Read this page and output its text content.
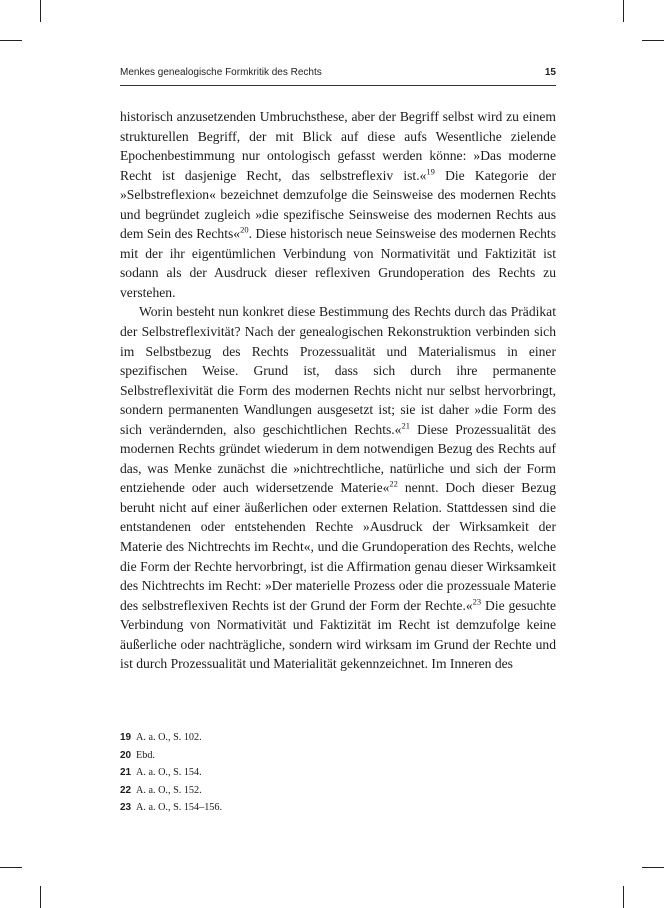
Menkes genealogische Formkritik des Rechts	15

historisch anzusetzenden Umbruchsthese, aber der Begriff selbst wird zu einem strukturellen Begriff, der mit Blick auf diese aufs Wesentliche zielende Epochenbestimmung nur ontologisch gefasst werden könne: »Das moderne Recht ist dasjenige Recht, das selbstreflexiv ist.«$^{19}$ Die Kategorie der »Selbstreflexion« bezeichnet demzufolge die Seinsweise des modernen Rechts und begründet zugleich »die spezifische Seinsweise des modernen Rechts aus dem Sein des Rechts«$^{20}$. Diese historisch neue Seinsweise des modernen Rechts mit der ihr eigentümlichen Verbindung von Normativität und Faktizität ist sodann als der Ausdruck dieser reflexiven Grundoperation des Rechts zu verstehen.

Worin besteht nun konkret diese Bestimmung des Rechts durch das Prädikat der Selbstreflexivität? Nach der genealogischen Rekonstruktion verbinden sich im Selbstbezug des Rechts Prozessualität und Materialismus in einer spezifischen Weise. Grund ist, dass sich durch ihre permanente Selbstreflexivität die Form des modernen Rechts nicht nur selbst hervorbringt, sondern permanenten Wandlungen ausgesetzt ist; sie ist daher »die Form des sich verändernden, also geschichtlichen Rechts.«$^{21}$ Diese Prozessualität des modernen Rechts gründet wiederum in dem notwendigen Bezug des Rechts auf das, was Menke zunächst die »nichtrechtliche, natürliche und sich der Form entziehende oder auch widersetzende Materie«$^{22}$ nennt. Doch dieser Bezug beruht nicht auf einer äußerlichen oder externen Relation. Stattdessen sind die entstandenen oder entstehenden Rechte »Ausdruck der Wirksamkeit der Materie des Nichtrechts im Recht«, und die Grundoperation des Rechts, welche die Form der Rechte hervorbringt, ist die Affirmation genau dieser Wirksamkeit des Nichtrechts im Recht: »Der materielle Prozess oder die prozessuale Materie des selbstreflexiven Rechts ist der Grund der Form der Rechte.«$^{23}$ Die gesuchte Verbindung von Normativität und Faktizität im Recht ist demzufolge keine äußerliche oder nachträgliche, sondern wird wirksam im Grund der Rechte und ist durch Prozessualität und Materialität gekennzeichnet. Im Inneren des

19 A. a. O., S. 102.
20 Ebd.
21 A. a. O., S. 154.
22 A. a. O., S. 152.
23 A. a. O., S. 154–156.
